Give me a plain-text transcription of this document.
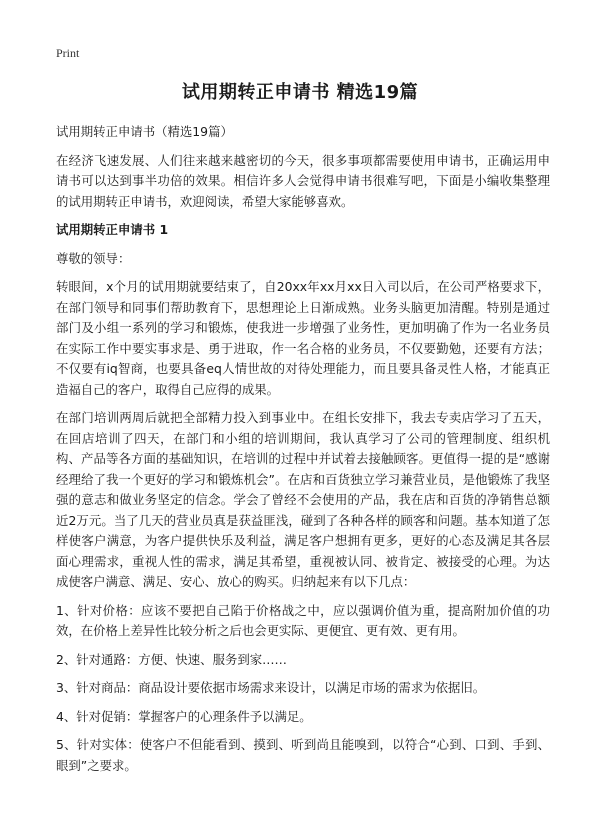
Print
试用期转正申请书 精选19篇

试用期转正申请书（精选19篇）

在经济飞速发展、人们往来越来越密切的今天，很多事项都需要使用申请书，正确运用申请书可以达到事半功倍的效果。相信许多人会觉得申请书很难写吧，下面是小编收集整理的试用期转正申请书，欢迎阅读，希望大家能够喜欢。

试用期转正申请书 1

尊敬的领导：

转眼间，x个月的试用期就要结束了，自20xx年xx月xx日入司以后，在公司严格要求下，在部门领导和同事们帮助教育下，思想理论上日渐成熟。业务头脑更加清醒。特别是通过部门及小组一系列的学习和锻炼，使我进一步增强了业务性，更加明确了作为一名业务员在实际工作中要实事求是、勇于进取，作一名合格的业务员，不仅要勤勉，还要有方法；不仅要有iq智商，也要具备eq人情世故的对待处理能力，而且要具备灵性人格，才能真正造福自己的客户，取得自己应得的成果。

在部门培训两周后就把全部精力投入到事业中。在组长安排下，我去专卖店学习了五天，在回店培训了四天，在部门和小组的培训期间，我认真学习了公司的管理制度、组织机构、产品等各方面的基础知识，在培训的过程中并试着去接触顾客。更值得一提的是“感谢经理给了我一个更好的学习和锻炼机会”。在店和百货独立学习兼营业员，是他锻炼了我坚强的意志和做业务坚定的信念。学会了曾经不会使用的产品，我在店和百货的净销售总额近2万元。当了几天的营业员真是获益匪浅，碰到了各种各样的顾客和问题。基本知道了怎样使客户满意，为客户提供快乐及利益，满足客户想拥有更多，更好的心态及满足其各层面心理需求，重视人性的需求，满足其希望，重视被认同、被肯定、被接受的心理。为达成使客户满意、满足、安心、放心的购买。归纳起来有以下几点：

1、针对价格：应该不要把自己陷于价格战之中，应以强调价值为重，提高附加价值的功效，在价格上差异性比较分析之后也会更实际、更便宜、更有效、更有用。

2、针对通路：方便、快速、服务到家……

3、针对商品：商品设计要依据市场需求来设计，以满足市场的需求为依据旧。

4、针对促销：掌握客户的心理条件予以满足。

5、针对实体：使客户不但能看到、摸到、听到尚且能嗅到，以符合“心到、口到、手到、眼到”之要求。
